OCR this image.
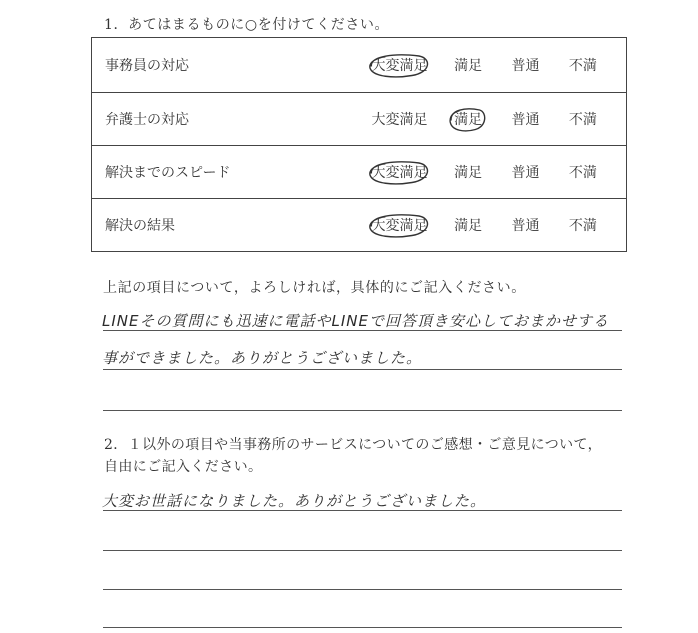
1．あてはまるものに○を付けてください。
事務員の対応	大変満足	満足	普通	不満	
弁護士の対応	大変満足	満足	普通	不満	
解決までのスピード	大変満足	満足	普通	不満	
解決の結果	大変満足	満足	普通	不満	
上記の項目について，よろしければ，具体的にご記入ください。
LINEその質問にも迅速に電話やLINEで回答頂き安心しておまかせする
事ができました。ありがとうございました。
2．１以外の項目や当事務所のサービスについてのご感想・ご意見について，
自由にご記入ください。
大変お世話になりました。ありがとうございました。
